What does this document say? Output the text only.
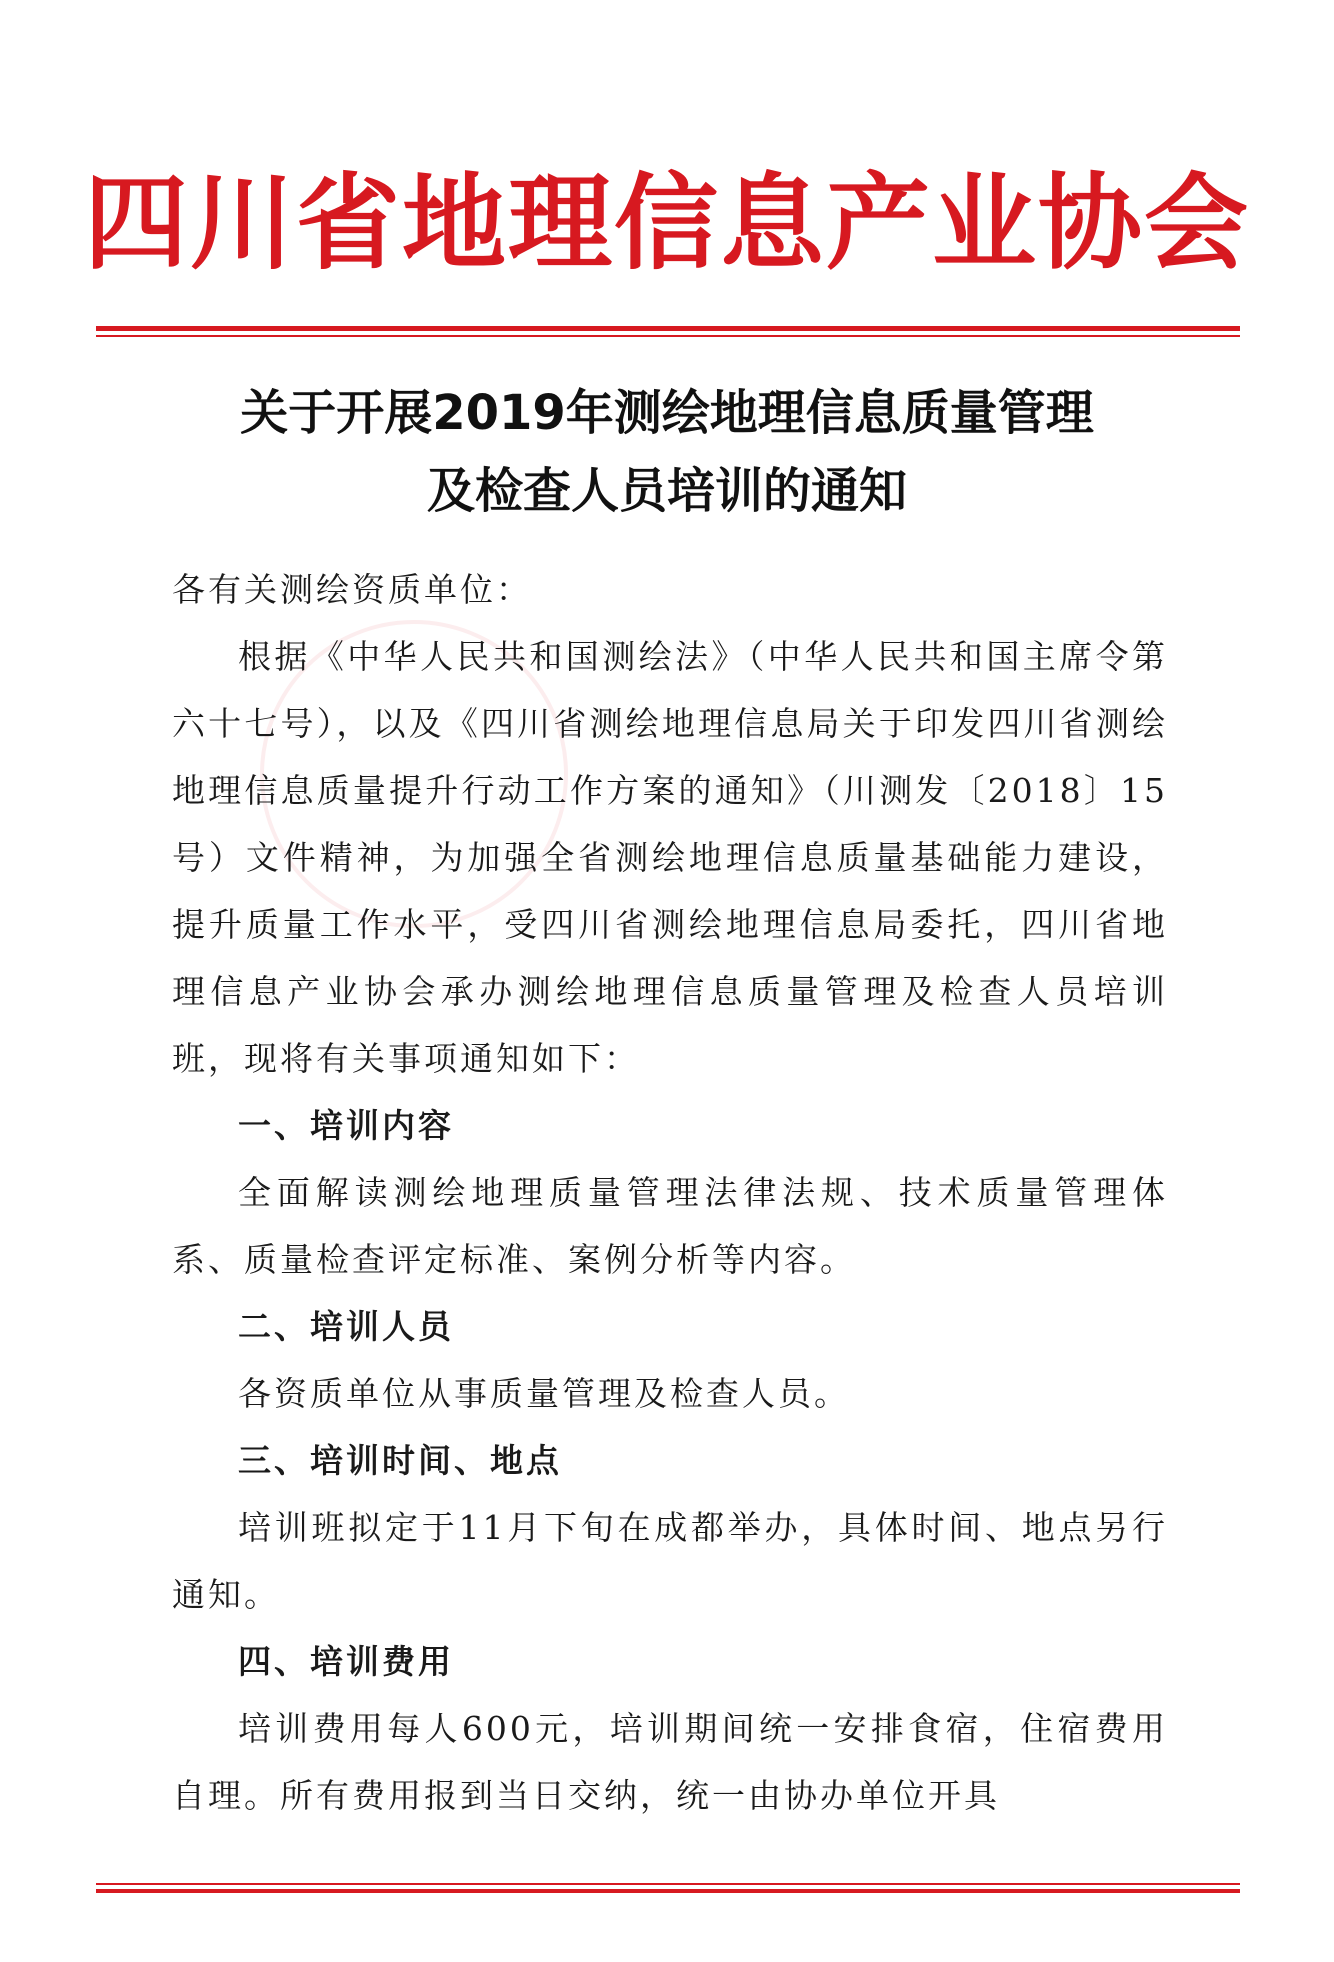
四川省地理信息产业协会
关于开展2019年测绘地理信息质量管理
及检查人员培训的通知

各有关测绘资质单位：

根据《中华人民共和国测绘法》（中华人民共和国主席令第六十七号），以及《四川省测绘地理信息局关于印发四川省测绘地理信息质量提升行动工作方案的通知》（川测发〔2018〕15号）文件精神，为加强全省测绘地理信息质量基础能力建设，提升质量工作水平，受四川省测绘地理信息局委托，四川省地理信息产业协会承办测绘地理信息质量管理及检查人员培训班，现将有关事项通知如下：

一、培训内容

全面解读测绘地理质量管理法律法规、技术质量管理体系、质量检查评定标准、案例分析等内容。

二、培训人员

各资质单位从事质量管理及检查人员。

三、培训时间、地点

培训班拟定于11月下旬在成都举办，具体时间、地点另行通知。

四、培训费用

培训费用每人600元，培训期间统一安排食宿，住宿费用自理。所有费用报到当日交纳，统一由协办单位开具
